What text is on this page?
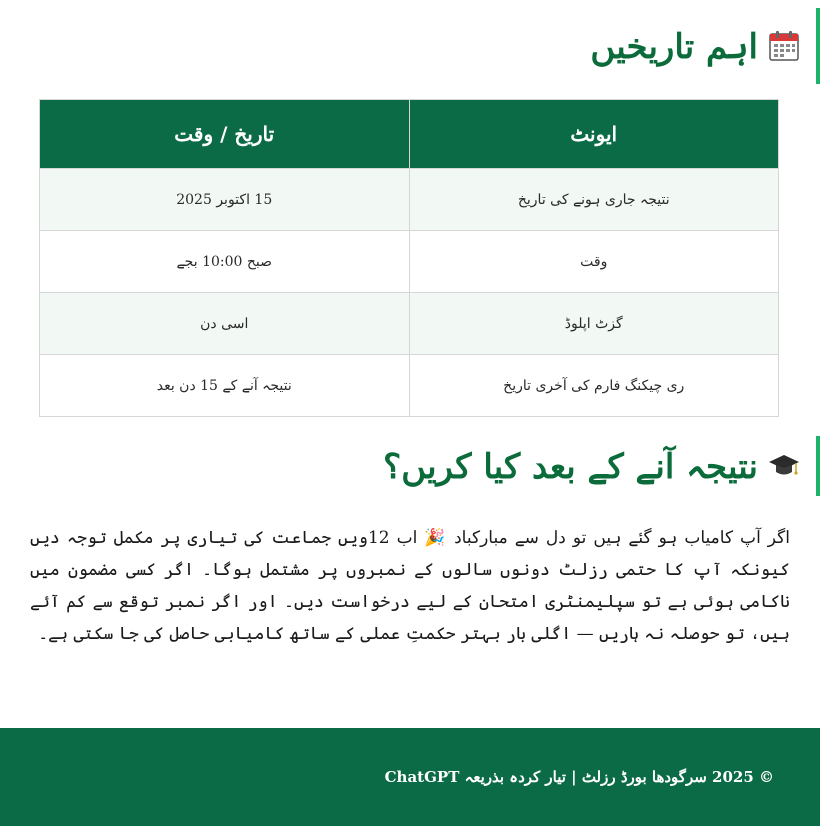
اہم تاریخیں
ایونٹ	تاریخ / وقت
نتیجہ جاری ہونے کی تاریخ	15 اکتوبر 2025
وقت	صبح 10:00 بجے
گزٹ اپلوڈ	اسی دن
ری چیکنگ فارم کی آخری تاریخ	نتیجہ آنے کے 15 دن بعد
نتیجہ آنے کے بعد کیا کریں؟
اگر آپ کامیاب ہو گئے ہیں تو دل سے مبارکباد 🎉 اب 12ویں جماعت کی تیاری پر مکمل توجہ دیں کیونکہ آپ کا حتمی رزلٹ دونوں سالوں کے نمبروں پر مشتمل ہوگا۔ اگر کسی مضمون میں ناکامی ہوئی ہے تو سپلیمنٹری امتحان کے لیے درخواست دیں۔ اور اگر نمبر توقع سے کم آئے ہیں، تو حوصلہ نہ ہاریں — اگلی بار بہتر حکمتِ عملی کے ساتھ کامیابی حاصل کی جا سکتی ہے۔
© 2025 سرگودھا بورڈ رزلٹ | تیار کردہ بذریعہ ChatGPT
